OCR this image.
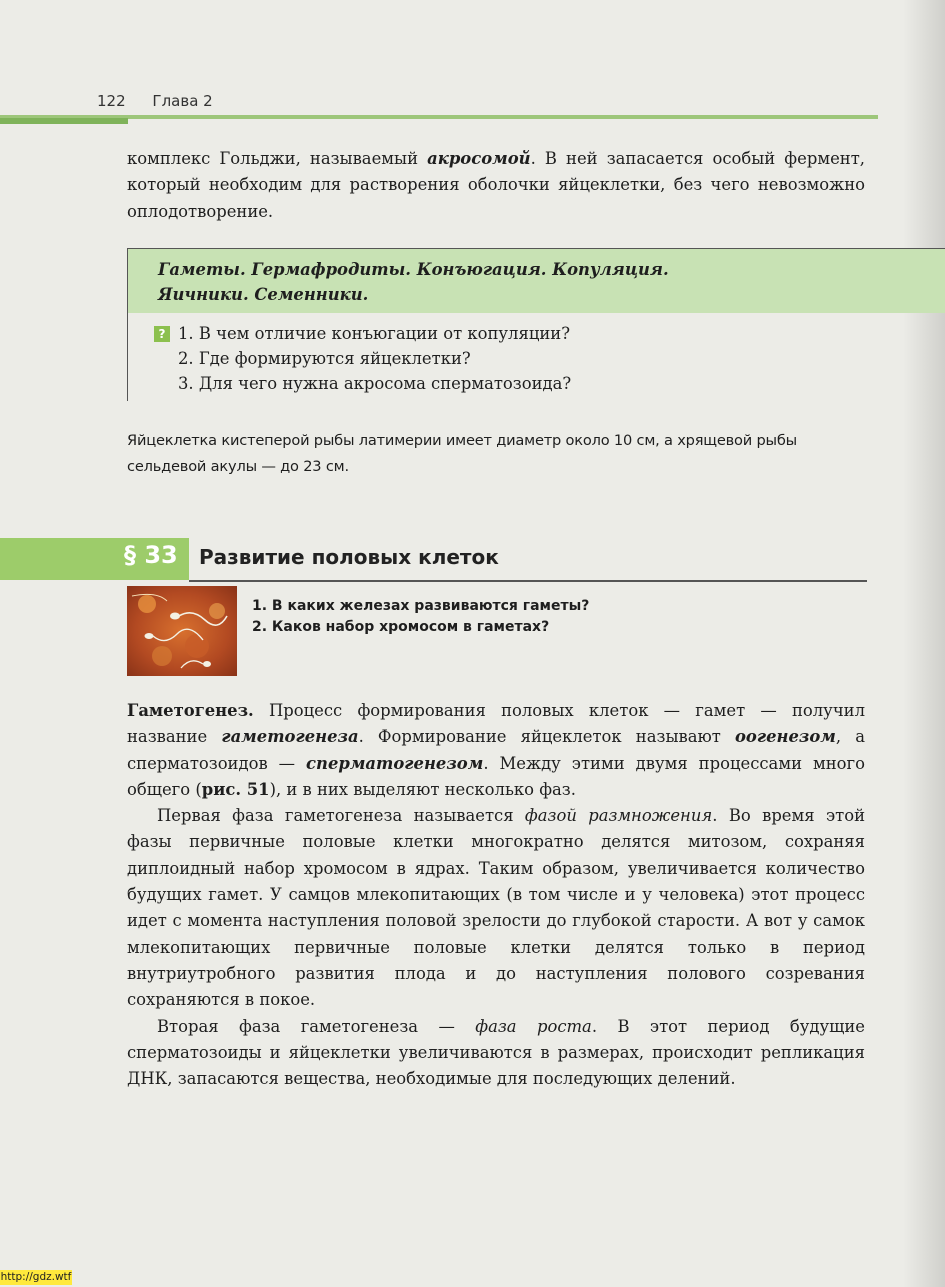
122 Глава 2

комплекс Гольджи, называемый акросомой. В ней запасается особый фермент, который необходим для растворения оболочки яйцеклетки, без чего невозможно оплодотворение.

Гаметы. Гермафродиты. Конъюгация. Копуляция.
Яичники. Семенники.
? 1. В чем отличие конъюгации от копуляции?
2. Где формируются яйцеклетки?
3. Для чего нужна акросома сперматозоида?
Яйцеклетка кистеперой рыбы латимерии имеет диаметр около 10 см, а хрящевой рыбы сельдевой акулы — до 23 см.
§ 33 Развитие половых клеток
1. В каких железах развиваются гаметы?
2. Каков набор хромосом в гаметах?

Гаметогенез. Процесс формирования половых клеток — гамет — получил название гаметогенеза. Формирование яйцеклеток называют оогенезом, а сперматозоидов — сперматогенезом. Между этими двумя процессами много общего (рис. 51), и в них выделяют несколько фаз.

Первая фаза гаметогенеза называется фазой размножения. Во время этой фазы первичные половые клетки многократно делятся митозом, сохраняя диплоидный набор хромосом в ядрах. Таким образом, увеличивается количество будущих гамет. У самцов млекопитающих (в том числе и у человека) этот процесс идет с момента наступления половой зрелости до глубокой старости. А вот у самок млекопитающих первичные половые клетки делятся только в период внутриутробного развития плода и до наступления полового созревания сохраняются в покое.

Вторая фаза гаметогенеза — фаза роста. В этот период будущие сперматозоиды и яйцеклетки увеличиваются в размерах, происходит репликация ДНК, запасаются вещества, необходимые для последующих делений.

http://gdz.wtf
